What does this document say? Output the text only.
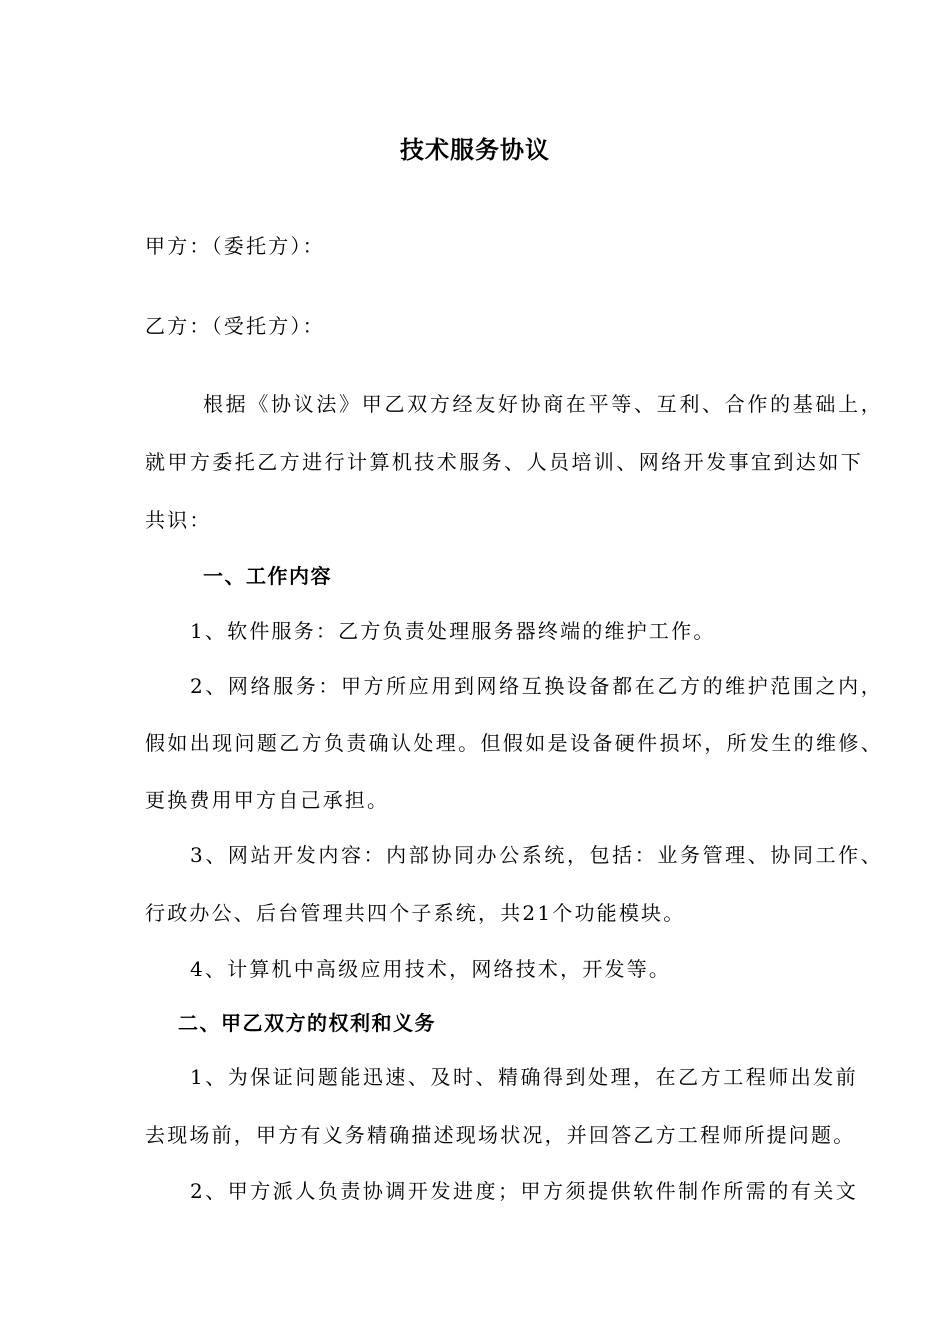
技术服务协议
甲方：（委托方）：
乙方：（受托方）：
根据《协议法》甲乙双方经友好协商在平等、互利、合作的基础上，
就甲方委托乙方进行计算机技术服务、人员培训、网络开发事宜到达如下
共识：
一、工作内容
1、软件服务：乙方负责处理服务器终端的维护工作。
2、网络服务：甲方所应用到网络互换设备都在乙方的维护范围之内，
假如出现问题乙方负责确认处理。但假如是设备硬件损坏，所发生的维修、
更换费用甲方自己承担。
3、网站开发内容：内部协同办公系统，包括：业务管理、协同工作、
行政办公、后台管理共四个子系统，共21个功能模块。
4、计算机中高级应用技术，网络技术，开发等。
二、甲乙双方的权利和义务
1、为保证问题能迅速、及时、精确得到处理，在乙方工程师出发前
去现场前，甲方有义务精确描述现场状况，并回答乙方工程师所提问题。
2、甲方派人负责协调开发进度；甲方须提供软件制作所需的有关文
